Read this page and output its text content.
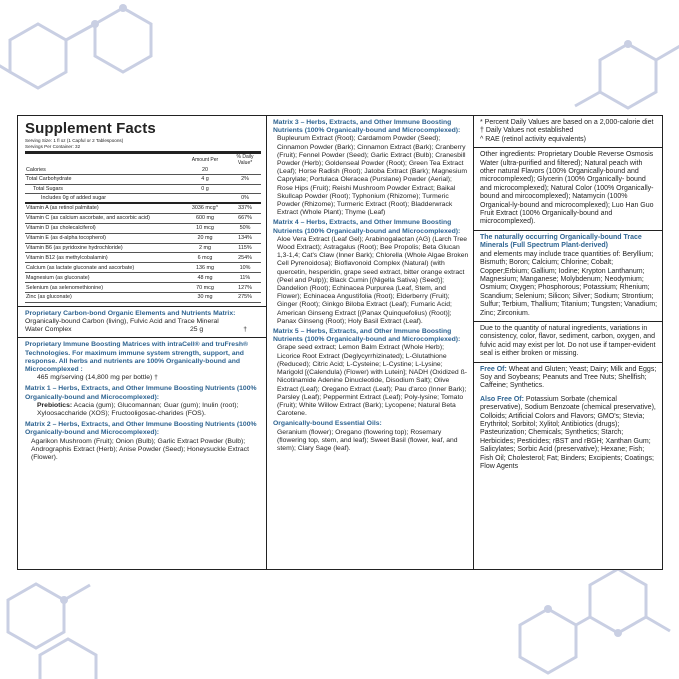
Supplement Facts
Serving Size: 1 fl oz (1 Capful or 2 Tablespoons)
Servings Per Container: 32
	Amount Per	% Daily Value*
Calories	20	
Total Carbohydrate	4 g	2%
Total Sugars	0 g	
Includes 0g of added sugar		0%
Vitamin A (as retinol palmitate)	3036 mcg^	337%
Vitamin C (as calcium ascorbate, and ascorbic acid)	600 mg	667%
Vitamin D (as cholecalciferol)	10 mcg	50%
Vitamin E (as d-alpha tocopherol)	20 mg	134%
Vitamin B6 (as pyridoxine hydrochloride)	2 mg	115%
Vitamin B12 (as methylcobalamin)	6 mcg	254%
Calcium (as lactate gluconate and ascorbate)	136 mg	10%
Magnesium (as gluconate)	48 mg	11%
Selenium (as selenomethionine)	70 mcg	127%
Zinc (as gluconate)	30 mg	275%

Proprietary Carbon-bond Organic Elements and Nutrients Matrix: Organically-bound Carbon (living), Fulvic Acid and Trace Mineral

Water Complex	25 g	†

Proprietary Immune Boosting Matrices with intraCell® and truFresh® Technologies. For maximum immune system strength, support, and response. All herbs and nutrients are 100% Organically-bound and Microcomplexed :

465 mg/serving (14,800 mg per bottle) †

Matrix 1 – Herbs, Extracts, and Other Immune Boosting Nutrients (100% Organically-bound and Microcomplexed):

Prebiotics: Acacia (gum); Glucomannan; Guar (gum); Inulin (root); Xyloosaccharide (XOS); Fructooligosac-charides (FOS).

Matrix 2 – Herbs, Extracts, and Other Immune Boosting Nutrients (100% Organically-bound and Microcomplexed):

Agarikon Mushroom (Fruit); Onion (Bulb); Garlic Extract Powder (Bulb); Andrographis Extract (Herb); Anise Powder (Seed); Honeysuckle Extract (Flower).

Matrix 3 – Herbs, Extracts, and Other Immune Boosting Nutrients (100% Organically-bound and Microcomplexed):

Bupleurum Extract (Root); Cardamom Powder (Seed); Cinnamon Powder (Bark); Cinnamon Extract (Bark); Cranberry (Fruit); Fennel Powder (Seed); Garlic Extract (Bulb); Cranesbill Powder (Herb); Goldenseal Powder (Root); Green Tea Extract (Leaf); Horse Radish (Root); Jatoba Extract (Bark); Magnesium Caprylate; Portulaca Oleracea (Purslane) Powder (Aerial); Rose Hips (Fruit); Reishi Mushroom Powder Extract; Baikal Skullcap Powder (Root); Typhonium (Rhizome); Turmeric Powder (Rhizome); Turmeric Extract (Root); Bladderwrack Extract (Whole Plant); Thyme (Leaf)

Matrix 4 – Herbs, Extracts, and Other Immune Boosting Nutrients (100% Organically-bound and Microcomplexed):

Aloe Vera Extract (Leaf Gel); Arabinogalactan (AG) (Larch Tree Wood Extract); Astragalus (Root); Bee Propolis; Beta Glucan 1,3-1,4; Cat's Claw (Inner Bark); Chlorella (Whole Algae Broken Cell Pyrenoidosa); Bioflavonoid Complex (Natural) (with quercetin, hesperidin, grape seed extract, bitter orange extract (Peel and Pulp)); Black Cumin [(Nigella Sativa) (Seed)]; Dandelion (Root); Echinacea Purpurea (Leaf, Stem, and Flower); Echinacea Angustifolia (Root); Elderberry (Fruit); Ginger (Root); Ginkgo Biloba Extract (Leaf); Fumaric Acid; American Ginseng Extract [(Panax Quinquefolius) (Root)]; Panax Ginseng (Root); Holy Basil Extract (Leaf).

Matrix 5 – Herbs, Extracts, and Other Immune Boosting Nutrients (100% Organically-bound and Microcomplexed):

Grape seed extract; Lemon Balm Extract (Whole Herb); Licorice Root Extract (Deglycyrrhizinated); L-Glutathione (Reduced); Citric Acid; L-Cysteine; L-Cystine; L-Lysine; Marigold [(Calendula) (Flower) with Lutein]; NADH (Oxidized ß-Nicotinamide Adenine Dinucleotide, Disodium Salt); Olive Extract (Leaf); Oregano Extract (Leaf); Pau d'arco (Inner Bark); Parsley (Leaf); Peppermint Extract (Leaf); Poly-lysine; Tomato (Fruit); White Willow Extract (Bark); Lycopene; Natural Beta Carotene.

Organically-bound Essential Oils:

Geranium (flower); Oregano (flowering top); Rosemary (flowering top, stem, and leaf); Sweet Basil (flower, leaf, and stem); Clary Sage (leaf).

* Percent Daily Values are based on a 2,000-calorie diet

† Daily Values not established

^ RAE (retinol activity equivalents)

Other ingredients: Proprietary Double Reverse Osmosis Water (ultra-purified and filtered); Natural peach with other natural Flavors (100% Organically-bound and microcomplexed); Glycerin (100% Organically- bound and microcomplexed); Natural Color (100% Organically-bound and mircocomplexed); Natamycin (100% Organical-ly-bound and microcomplexed); Luo Han Guo Fruit Extract (100% Organically-bound and microcomplexed).

The naturally occurring Organically-bound Trace Minerals (Full Spectrum Plant-derived)

and elements may include trace quantities of: Beryllium; Bismuth; Boron; Calcium; Chlorine; Cobalt; Copper;Erbium; Gallium; Iodine; Krypton Lanthanum; Magnesium; Manganese; Molybdenum; Neodymium; Osmium; Oxygen; Phosphorous; Potassium; Rhenium; Scandium; Selenium; Silicon; Silver; Sodium; Strontium; Sulfur; Terbium, Thallium; Titanium; Tungsten; Vanadium; Zinc; Zirconium.

Due to the quantity of natural ingredients, variations in consistency, color, flavor, sediment, carbon, oxygen, and fulvic acid may exist per lot. Do not use if tamper-evident seal is either broken or missing.

Free Of: Wheat and Gluten; Yeast; Dairy; Milk and Eggs; Soy and Soybeans; Peanuts and Tree Nuts; Shellfish; Caffeine; Synthetics.

Also Free Of: Potassium Sorbate (chemical preservative), Sodium Benzoate (chemical preservative), Colloids; Artificial Colors and Flavors; GMO's; Stevia; Erythritol; Sorbitol; Xylitol; Antibiotics (drugs); Pasteurization; Chemicals; Synthetics; Starch; Herbicides; Pesticides; rBST and rBGH; Xanthan Gum; Salicylates; Sorbic Acid (preservative); Hexane; Fish; Fish Oil; Cholesterol; Fat; Binders; Excipients; Coatings; Flow Agents
